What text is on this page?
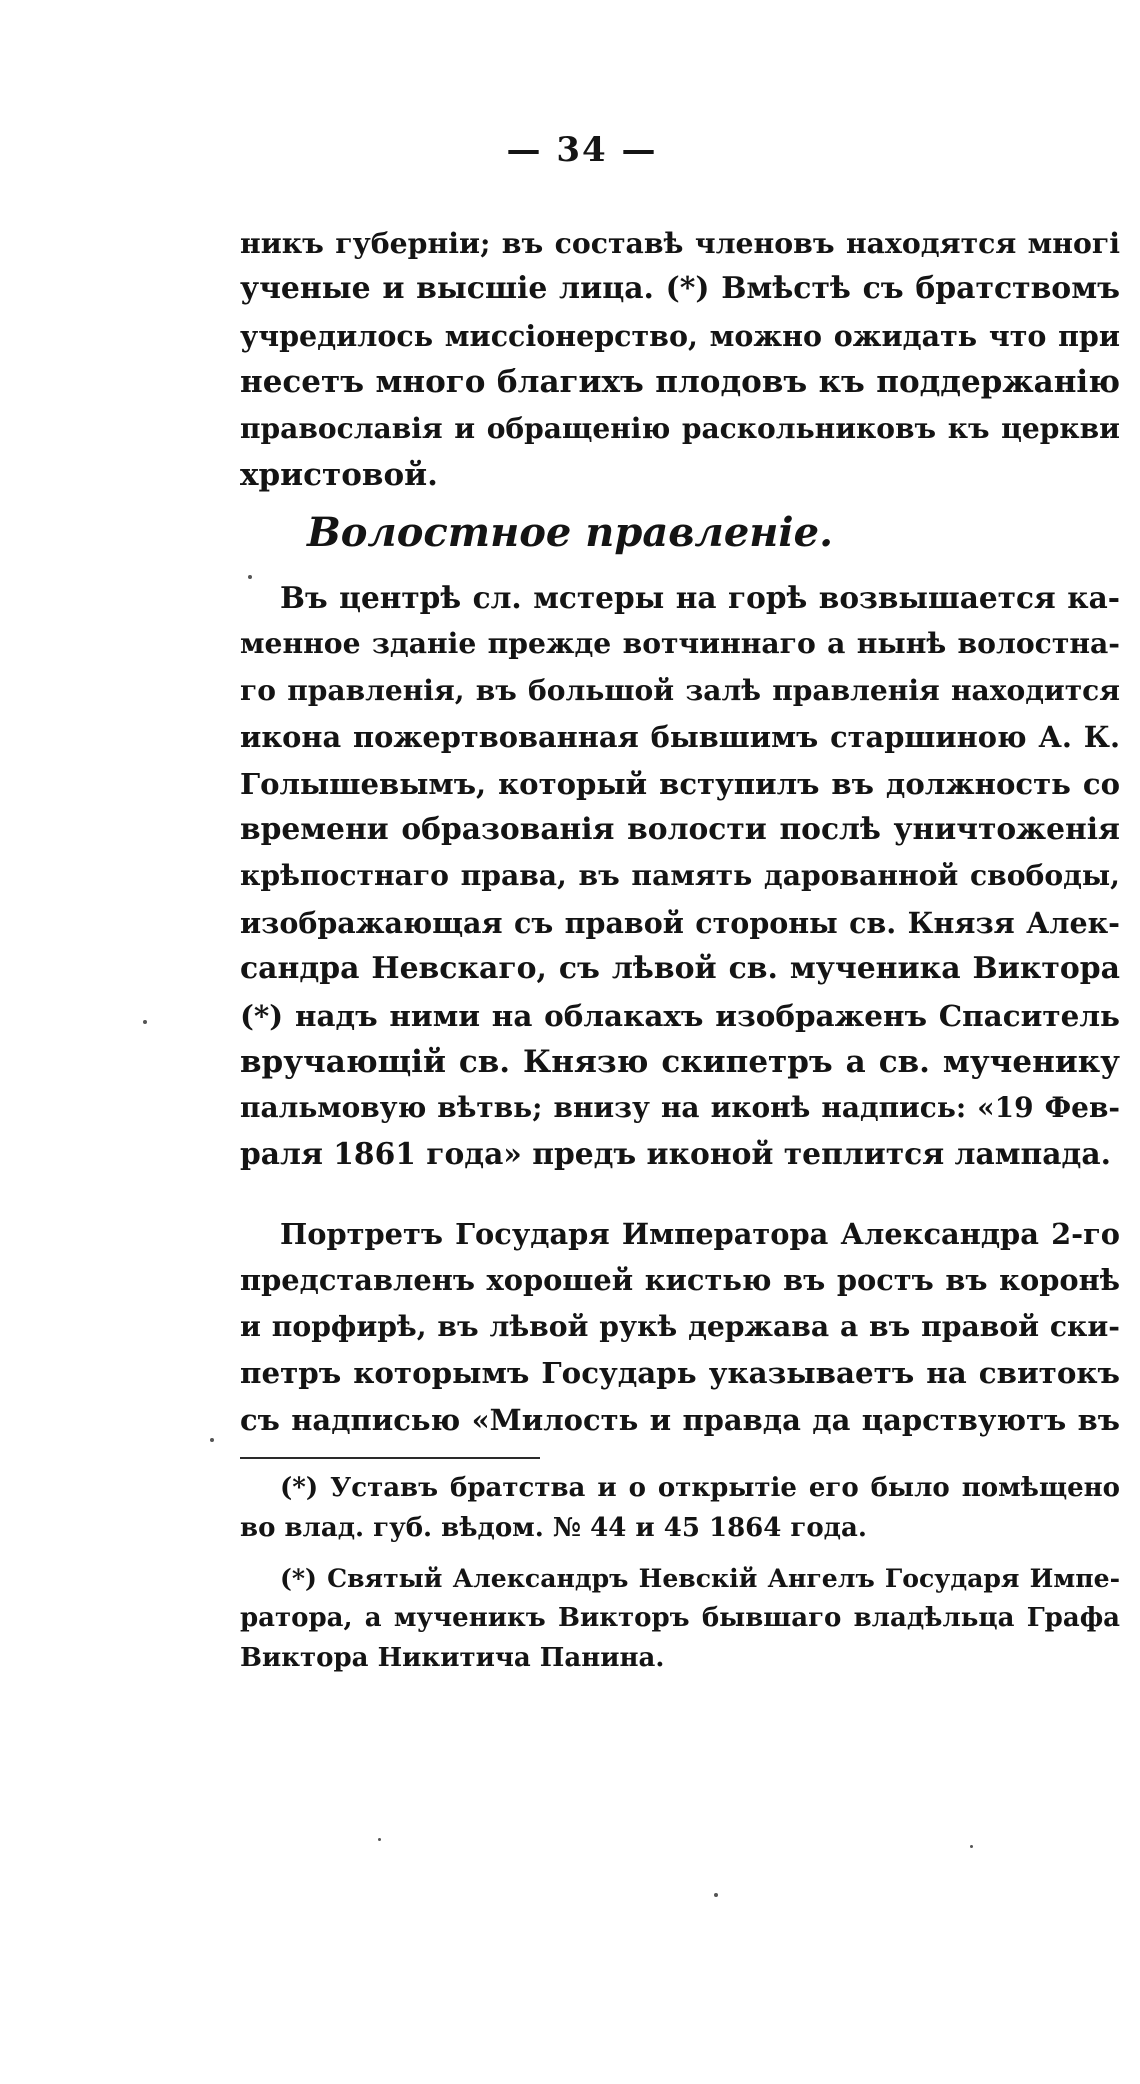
— 34 —
никъ губерніи; въ составѣ членовъ находятся многі
ученые и высшіе лица. (*) Вмѣстѣ съ братствомъ
учредилось миссіонерство, можно ожидать что при
несетъ много благихъ плодовъ къ поддержанію
православія и обращенію раскольниковъ къ церкви
христовой.
Волостное правленіе.
Въ центрѣ сл. мстеры на горѣ возвышается ка-
менное зданіе прежде вотчиннаго а нынѣ волостна-
го правленія, въ большой залѣ правленія находится
икона пожертвованная бывшимъ старшиною А. К.
Голышевымъ, который вступилъ въ должность со
времени образованія волости послѣ уничтоженія
крѣпостнаго права, въ память дарованной свободы,
изображающая съ правой стороны св. Князя Алек-
сандра Невскаго, съ лѣвой св. мученика Виктора
(*) надъ ними на облакахъ изображенъ Спаситель
вручающій св. Князю скипетръ а св. мученику
пальмовую вѣтвь; внизу на иконѣ надпись: «19 Фев-
раля 1861 года» предъ иконой теплится лампада.
Портретъ Государя Императора Александра 2-го
представленъ хорошей кистью въ ростъ въ коронѣ
и порфирѣ, въ лѣвой рукѣ держава а въ правой ски-
петръ которымъ Государь указываетъ на свитокъ
съ надписью «Милость и правда да царствуютъ въ
(*) Уставъ братства и о открытіе его было помѣщено
во влад. губ. вѣдом. № 44 и 45 1864 года.
(*) Святый Александръ Невскій Ангелъ Государя Импе-
ратора, а мученикъ Викторъ бывшаго владѣльца Графа
Виктора Никитича Панина.
